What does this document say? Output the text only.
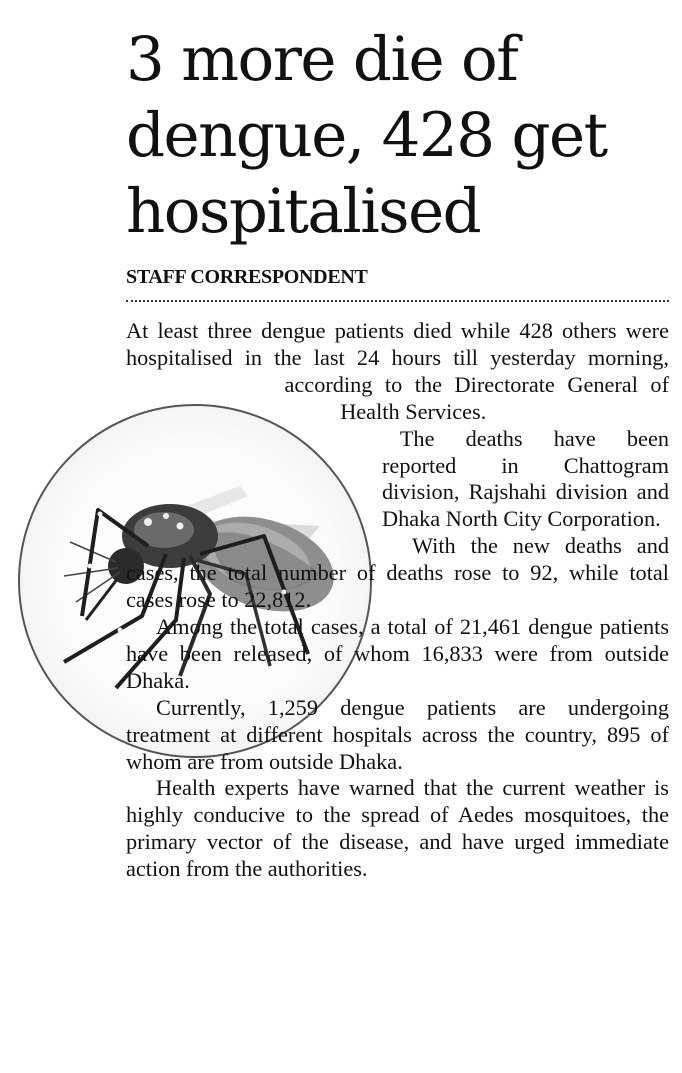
3 more die of dengue, 428 get hospitalised
STAFF CORRESPONDENT

At least three dengue patients died while 428 others were hospitalised in the last 24 hours till yesterday morning, according to the Directorate General of Health Services.

The deaths have been reported in Chattogram division, Rajshahi division and Dhaka North City Corporation.

With the new deaths and cases, the total number of deaths rose to 92, while total cases rose to 22,812.

Among the total cases, a total of 21,461 dengue patients have been released, of whom 16,833 were from outside Dhaka.

Currently, 1,259 dengue patients are undergoing treatment at different hospitals across the country, 895 of whom are from outside Dhaka.

Health experts have warned that the current weather is highly conducive to the spread of Aedes mosquitoes, the primary vector of the disease, and have urged immediate action from the authorities.
